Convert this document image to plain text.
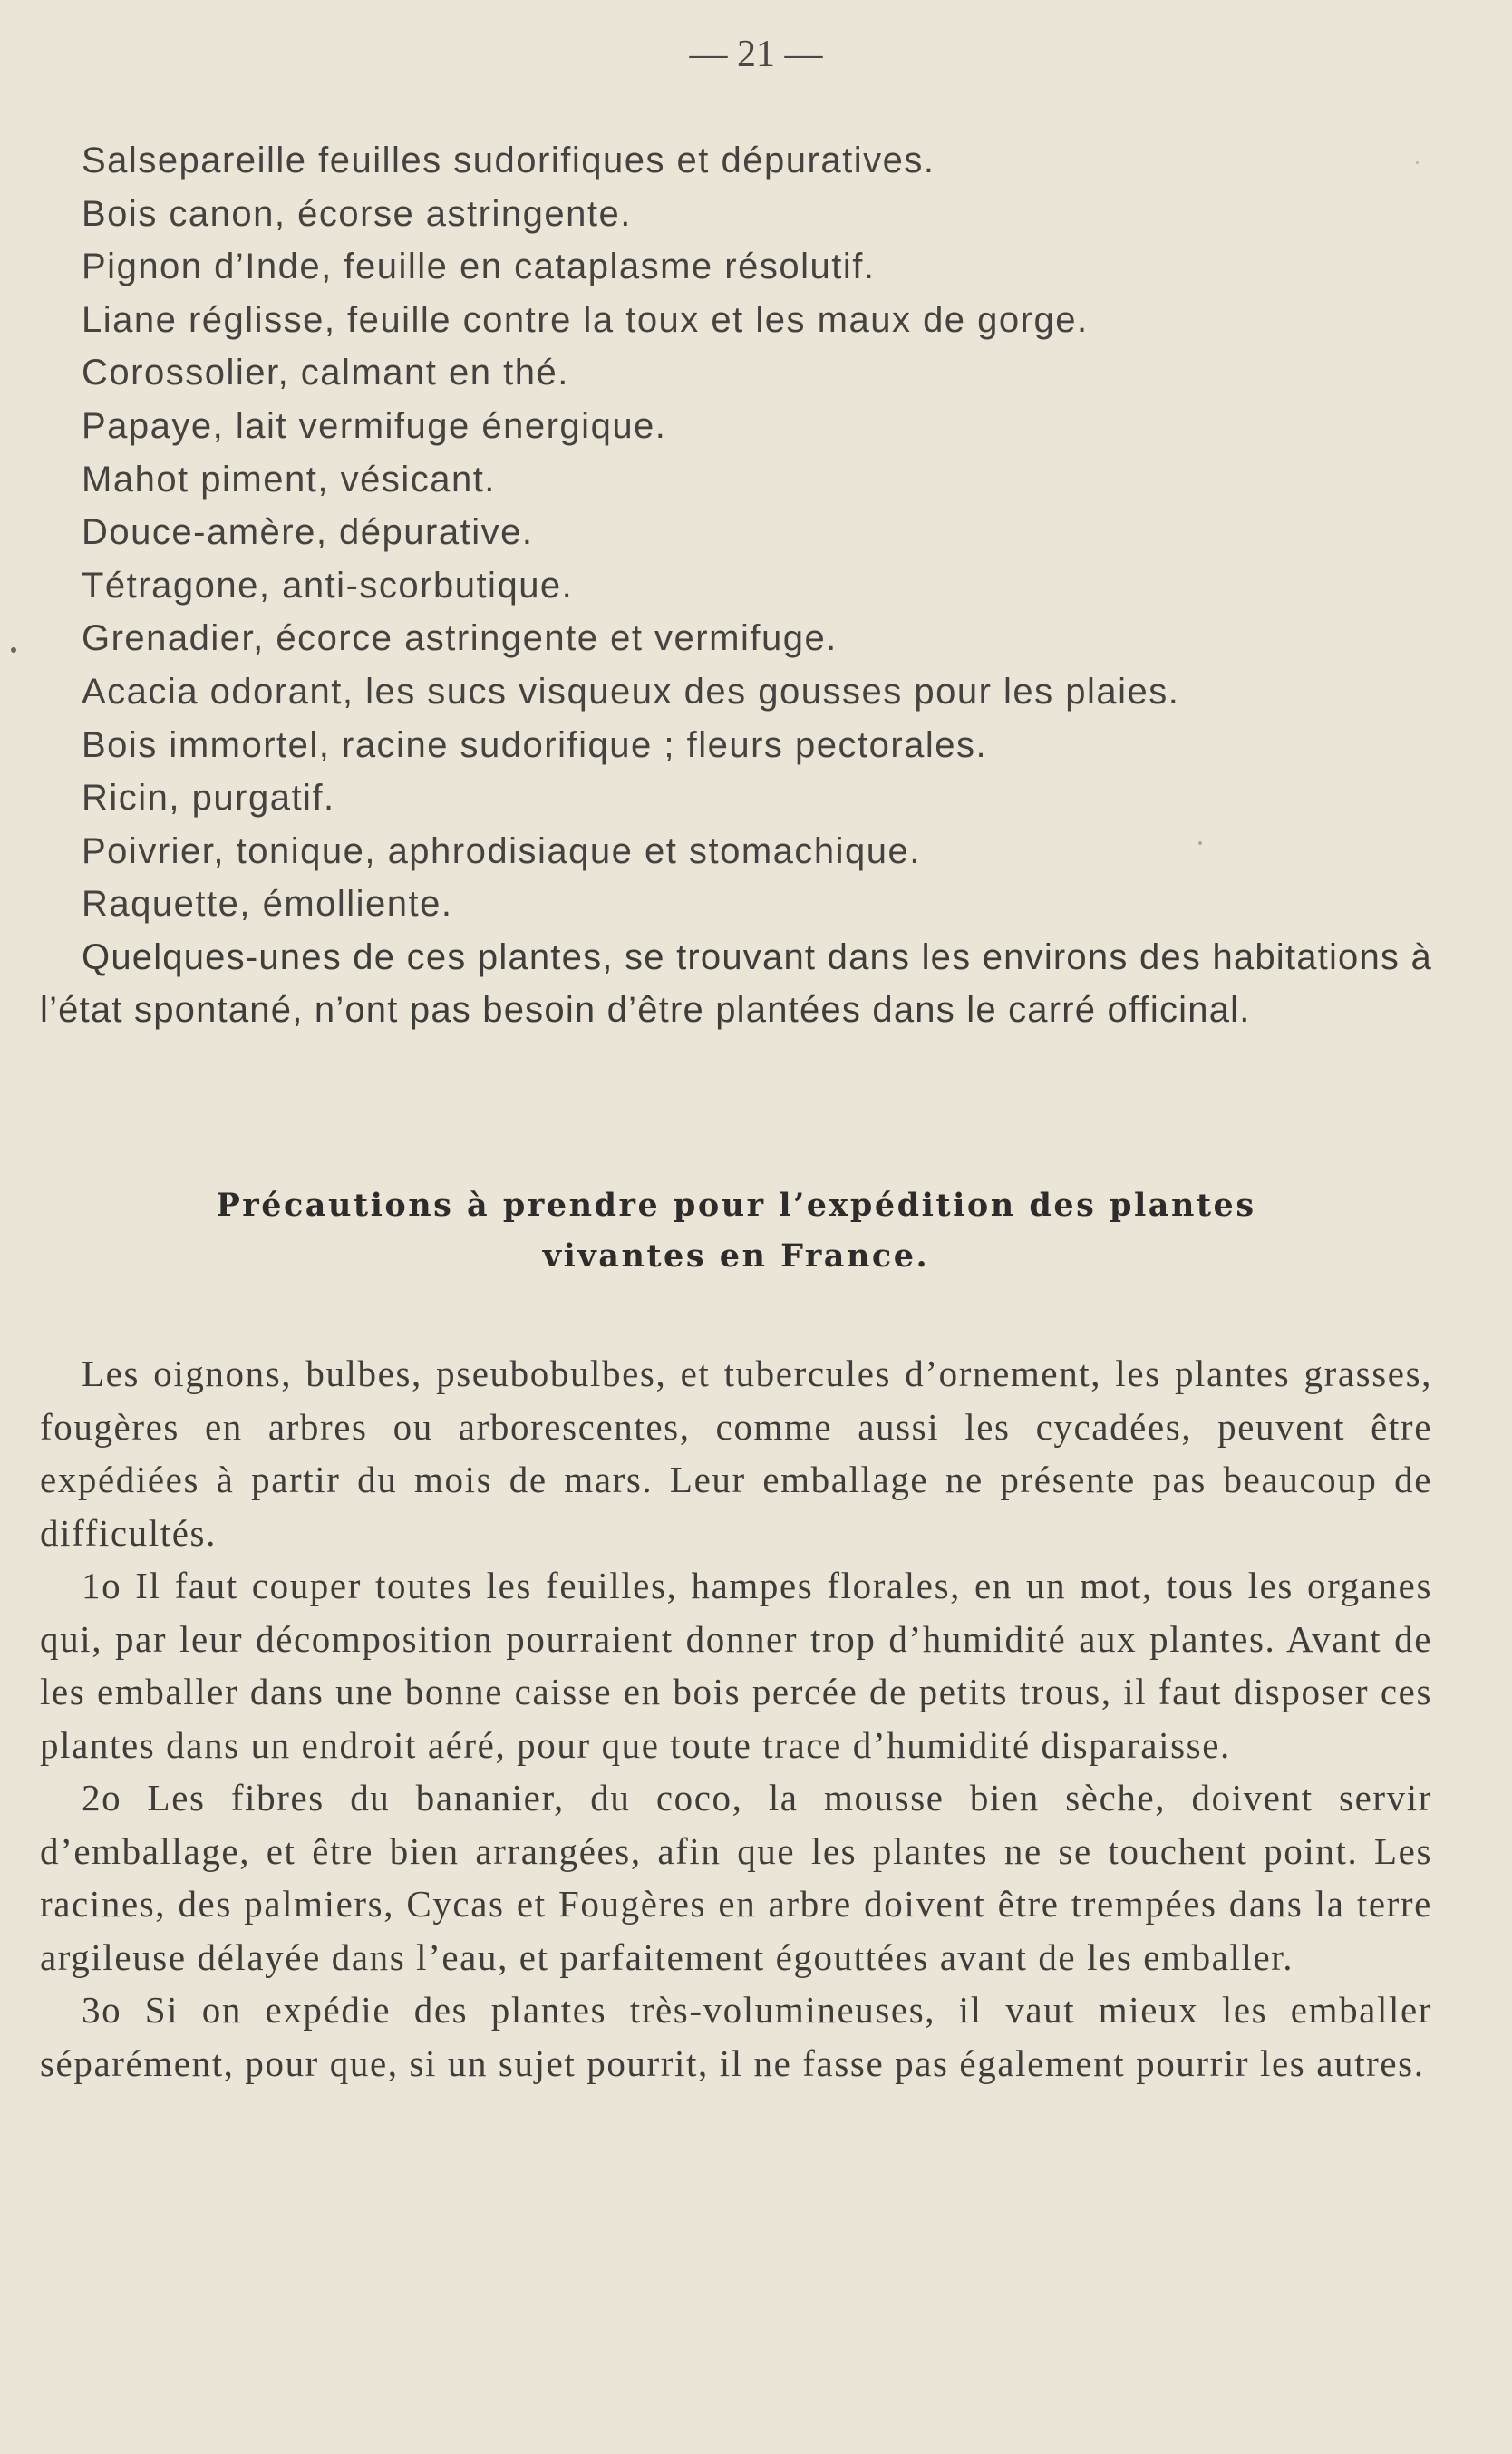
— 21 —

Salsepareille feuilles sudorifiques et dépuratives.

Bois canon, écorse astringente.

Pignon d’Inde, feuille en cataplasme résolutif.

Liane réglisse, feuille contre la toux et les maux de gorge.

Corossolier, calmant en thé.

Papaye, lait vermifuge énergique.

Mahot piment, vésicant.

Douce-amère, dépurative.

Tétragone, anti-scorbutique.

Grenadier, écorce astringente et vermifuge.

Acacia odorant, les sucs visqueux des gousses pour les plaies.

Bois immortel, racine sudorifique ; fleurs pectorales.

Ricin, purgatif.

Poivrier, tonique, aphrodisiaque et stomachique.

Raquette, émolliente.

Quelques-unes de ces plantes, se trouvant dans les environs des habitations à l’état spontané, n’ont pas besoin d’être plantées dans le carré officinal.

Précautions à prendre pour l’expédition des plantes
vivantes en France.

Les oignons, bulbes, pseubobulbes, et tubercules d’ornement, les plantes grasses, fougères en arbres ou arborescentes, comme aussi les cycadées, peuvent être expédiées à partir du mois de mars. Leur emballage ne présente pas beaucoup de difficultés.

1o Il faut couper toutes les feuilles, hampes florales, en un mot, tous les organes qui, par leur décomposition pourraient donner trop d’humidité aux plantes. Avant de les emballer dans une bonne caisse en bois percée de petits trous, il faut disposer ces plantes dans un endroit aéré, pour que toute trace d’humidité disparaisse.

2o Les fibres du bananier, du coco, la mousse bien sèche, doivent servir d’emballage, et être bien arrangées, afin que les plantes ne se touchent point. Les racines, des palmiers, Cycas et Fougères en arbre doivent être trempées dans la terre argileuse délayée dans l’eau, et parfaitement égouttées avant de les emballer.

3o Si on expédie des plantes très-volumineuses, il vaut mieux les emballer séparément, pour que, si un sujet pourrit, il ne fasse pas également pourrir les autres.
